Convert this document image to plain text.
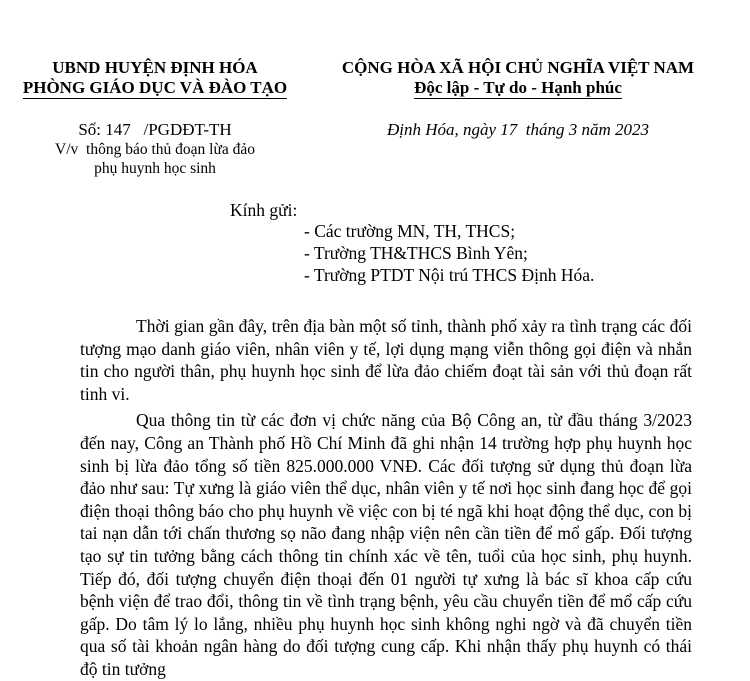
UBND HUYỆN ĐỊNH HÓA
PHÒNG GIÁO DỤC VÀ ĐÀO TẠO
CỘNG HÒA XÃ HỘI CHỦ NGHĨA VIỆT NAM
Độc lập - Tự do - Hạnh phúc
Số: 147   /PGDĐT-TH
V/v  thông báo thủ đoạn lừa đảo
phụ huynh học sinh
Định Hóa, ngày 17  tháng 3 năm 2023
Kính gửi:
- Các trường MN, TH, THCS;
- Trường TH&THCS Bình Yên;
- Trường PTDT Nội trú THCS Định Hóa.

Thời gian gần đây, trên địa bàn một số tỉnh, thành phố xảy ra tình trạng các đối tượng mạo danh giáo viên, nhân viên y tế, lợi dụng mạng viễn thông gọi điện và nhắn tin cho người thân, phụ huynh học sinh để lừa đảo chiếm đoạt tài sản với thủ đoạn rất tinh vi.

Qua thông tin từ các đơn vị chức năng của Bộ Công an, từ đầu tháng 3/2023 đến nay, Công an Thành phố Hồ Chí Minh đã ghi nhận 14 trường hợp phụ huynh học sinh bị lừa đảo tổng số tiền 825.000.000 VNĐ. Các đối tượng sử dụng thủ đoạn lừa đảo như sau: Tự xưng là giáo viên thể dục, nhân viên y tế nơi học sinh đang học để gọi điện thoại thông báo cho phụ huynh về việc con bị té ngã khi hoạt động thể dục, con bị tai nạn dẫn tới chấn thương sọ não đang nhập viện nên cần tiền để mổ gấp. Đối tượng tạo sự tin tưởng bằng cách thông tin chính xác về tên, tuổi của học sinh, phụ huynh. Tiếp đó, đối tượng chuyển điện thoại đến 01 người tự xưng là bác sĩ khoa cấp cứu bệnh viện để trao đổi, thông tin về tình trạng bệnh, yêu cầu chuyển tiền để mổ cấp cứu gấp. Do tâm lý lo lắng, nhiều phụ huynh học sinh không nghi ngờ và đã chuyển tiền qua số tài khoản ngân hàng do đối tượng cung cấp. Khi nhận thấy phụ huynh có thái độ tin tưởng
